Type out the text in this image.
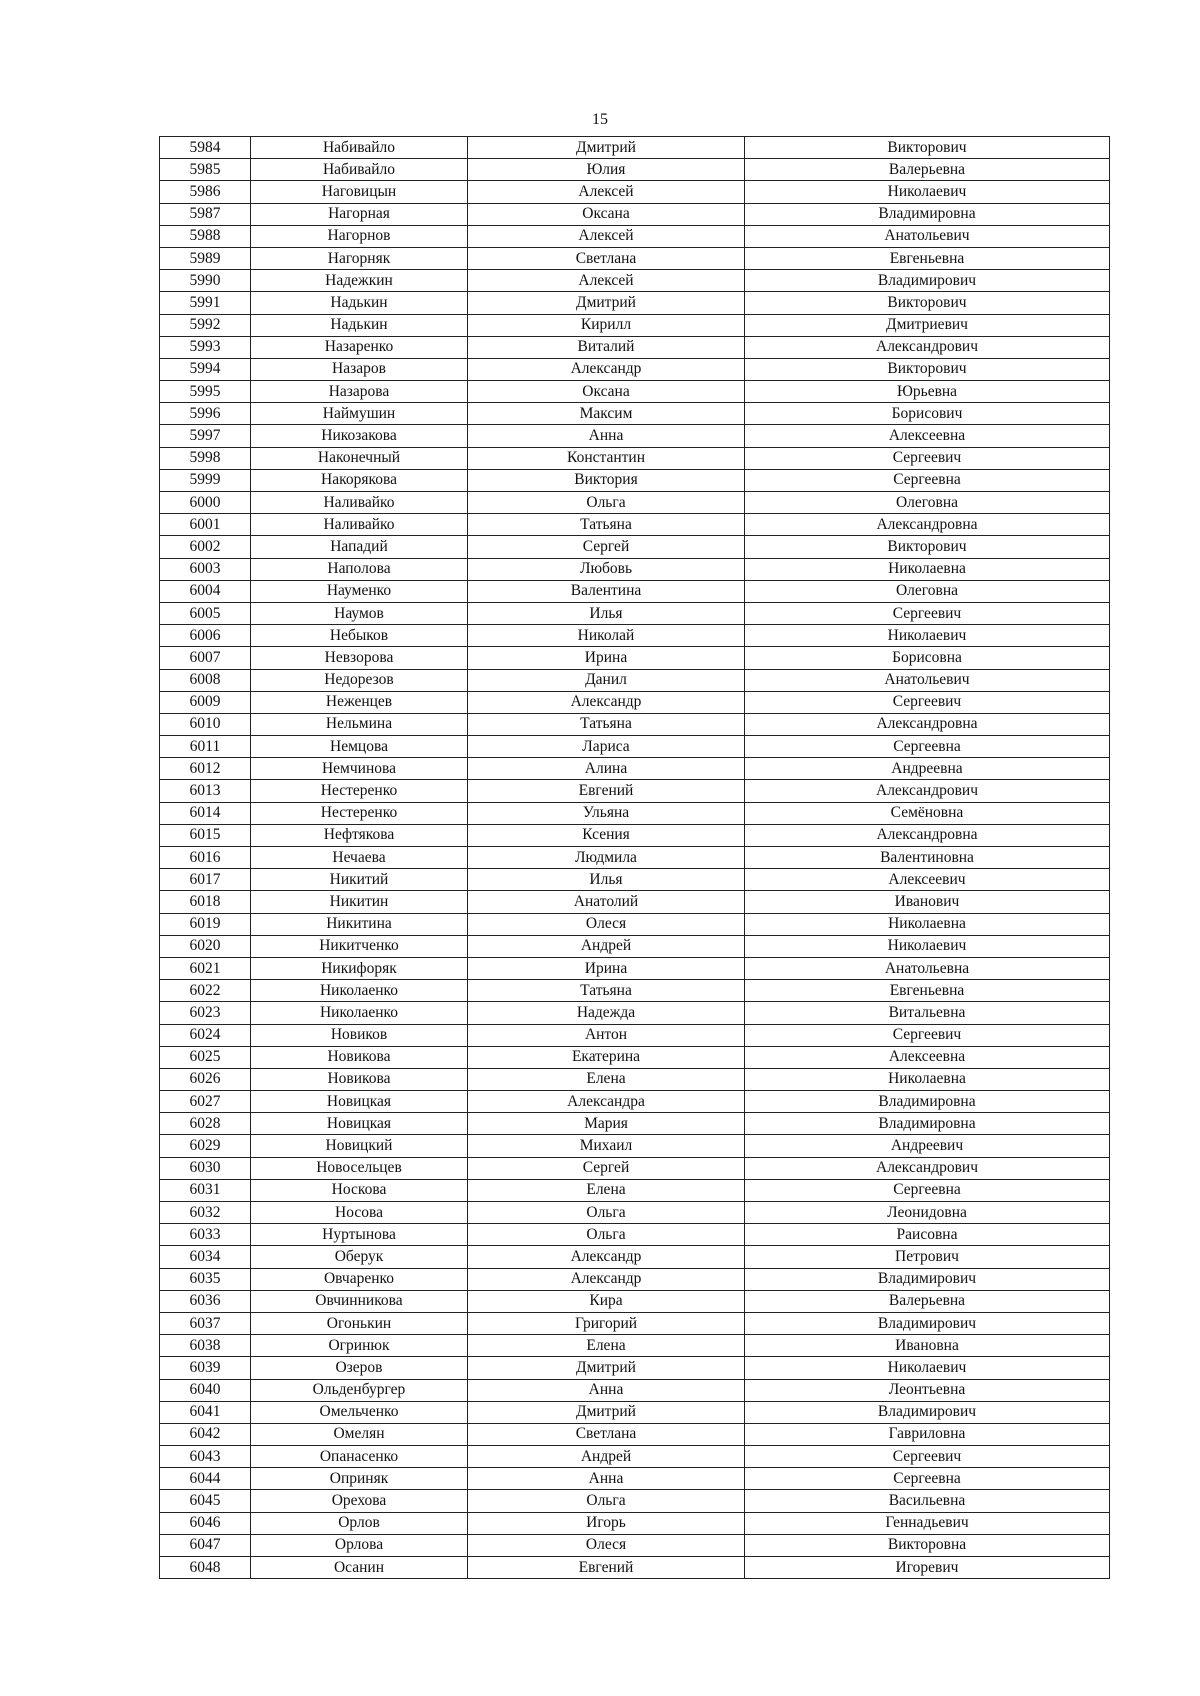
15
5984	Набивайло	Дмитрий	Викторович
5985	Набивайло	Юлия	Валерьевна
5986	Наговицын	Алексей	Николаевич
5987	Нагорная	Оксана	Владимировна
5988	Нагорнов	Алексей	Анатольевич
5989	Нагорняк	Светлана	Евгеньевна
5990	Надежкин	Алексей	Владимирович
5991	Надькин	Дмитрий	Викторович
5992	Надькин	Кирилл	Дмитриевич
5993	Назаренко	Виталий	Александрович
5994	Назаров	Александр	Викторович
5995	Назарова	Оксана	Юрьевна
5996	Наймушин	Максим	Борисович
5997	Никозакова	Анна	Алексеевна
5998	Наконечный	Константин	Сергеевич
5999	Накорякова	Виктория	Сергеевна
6000	Наливайко	Ольга	Олеговна
6001	Наливайко	Татьяна	Александровна
6002	Нападий	Сергей	Викторович
6003	Наполова	Любовь	Николаевна
6004	Науменко	Валентина	Олеговна
6005	Наумов	Илья	Сергеевич
6006	Небыков	Николай	Николаевич
6007	Невзорова	Ирина	Борисовна
6008	Недорезов	Данил	Анатольевич
6009	Неженцев	Александр	Сергеевич
6010	Нельмина	Татьяна	Александровна
6011	Немцова	Лариса	Сергеевна
6012	Немчинова	Алина	Андреевна
6013	Нестеренко	Евгений	Александрович
6014	Нестеренко	Ульяна	Семёновна
6015	Нефтякова	Ксения	Александровна
6016	Нечаева	Людмила	Валентиновна
6017	Никитий	Илья	Алексеевич
6018	Никитин	Анатолий	Иванович
6019	Никитина	Олеся	Николаевна
6020	Никитченко	Андрей	Николаевич
6021	Никифоряк	Ирина	Анатольевна
6022	Николаенко	Татьяна	Евгеньевна
6023	Николаенко	Надежда	Витальевна
6024	Новиков	Антон	Сергеевич
6025	Новикова	Екатерина	Алексеевна
6026	Новикова	Елена	Николаевна
6027	Новицкая	Александра	Владимировна
6028	Новицкая	Мария	Владимировна
6029	Новицкий	Михаил	Андреевич
6030	Новосельцев	Сергей	Александрович
6031	Носкова	Елена	Сергеевна
6032	Носова	Ольга	Леонидовна
6033	Нуртынова	Ольга	Раисовна
6034	Оберук	Александр	Петрович
6035	Овчаренко	Александр	Владимирович
6036	Овчинникова	Кира	Валерьевна
6037	Огонькин	Григорий	Владимирович
6038	Огринюк	Елена	Ивановна
6039	Озеров	Дмитрий	Николаевич
6040	Ольденбургер	Анна	Леонтьевна
6041	Омельченко	Дмитрий	Владимирович
6042	Омелян	Светлана	Гавриловна
6043	Опанасенко	Андрей	Сергеевич
6044	Оприняк	Анна	Сергеевна
6045	Орехова	Ольга	Васильевна
6046	Орлов	Игорь	Геннадьевич
6047	Орлова	Олеся	Викторовна
6048	Осанин	Евгений	Игоревич
